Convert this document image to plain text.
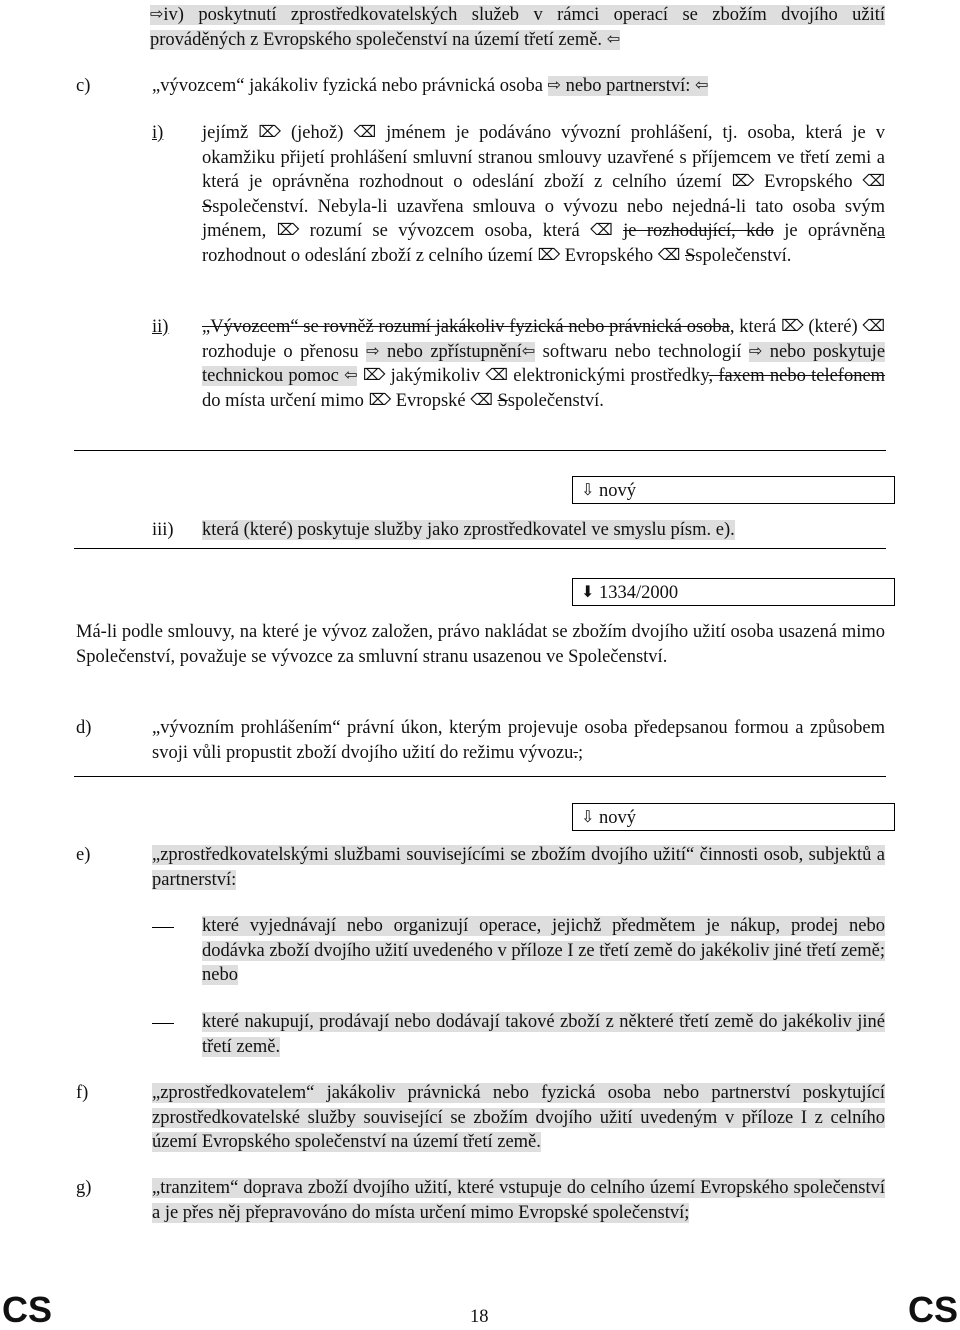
⇨iv) poskytnutí zprostředkovatelských služeb v rámci operací se zbožím dvojího užití prováděných z Evropského společenství na území třetí země. ⇦
c)	„vývozcem“ jakákoliv fyzická nebo právnická osoba ⇨ nebo partnerství: ⇦
i) jejímž ⌦ (jehož) ⌫ jménem je podáváno vývozní prohlášení, tj. osoba, která je v okamžiku přijetí prohlášení smluvní stranou smlouvy uzavřené s příjemcem ve třetí zemi a která je oprávněna rozhodnout o odeslání zboží z celního území ⌦ Evropského ⌫ Sspolečenství. Nebyla-li uzavřena smlouva o vývozu nebo nejedná-li tato osoba svým jménem, ⌦ rozumí se vývozcem osoba, která ⌫ je rozhodující, kdo je oprávněna rozhodnout o odeslání zboží z celního území ⌦ Evropského ⌫ Sspolečenství.
ii) „Vývozcem“ se rovněž rozumí jakákoliv fyzická nebo právnická osoba, která ⌦ (které) ⌫ rozhoduje o přenosu ⇨ nebo zpřístupnění⇦ softwaru nebo technologií ⇨ nebo poskytuje technickou pomoc ⇦ ⌦ jakýmikoliv ⌫ elektronickými prostředky, faxem nebo telefonem do místa určení mimo ⌦ Evropské ⌫ Sspolečenství.
⇩ nový
iii) která (které) poskytuje služby jako zprostředkovatel ve smyslu písm. e).
⬇ 1334/2000
Má-li podle smlouvy, na které je vývoz založen, právo nakládat se zbožím dvojího užití osoba usazená mimo Společenství, považuje se vývozce za smluvní stranu usazenou ve Společenství.
d)	„vývozním prohlášením“ právní úkon, kterým projevuje osoba předepsanou formou a způsobem svoji vůli propustit zboží dvojího užití do režimu vývozu.;
⇩ nový
e)	„zprostředkovatelskými službami souvisejícími se zbožím dvojího užití“ činnosti osob, subjektů a partnerství:
které vyjednávají nebo organizují operace, jejichž předmětem je nákup, prodej nebo dodávka zboží dvojího užití uvedeného v příloze I ze třetí země do jakékoliv jiné třetí země; nebo
které nakupují, prodávají nebo dodávají takové zboží z některé třetí země do jakékoliv jiné třetí země.
f)	„zprostředkovatelem“ jakákoliv právnická nebo fyzická osoba nebo partnerství poskytující zprostředkovatelské služby související se zbožím dvojího užití uvedeným v příloze I z celního území Evropského společenství na území třetí země.
g)	„tranzitem“ doprava zboží dvojího užití, které vstupuje do celního území Evropského společenství a je přes něj přepravováno do místa určení mimo Evropské společenství;
CS	18	CS
